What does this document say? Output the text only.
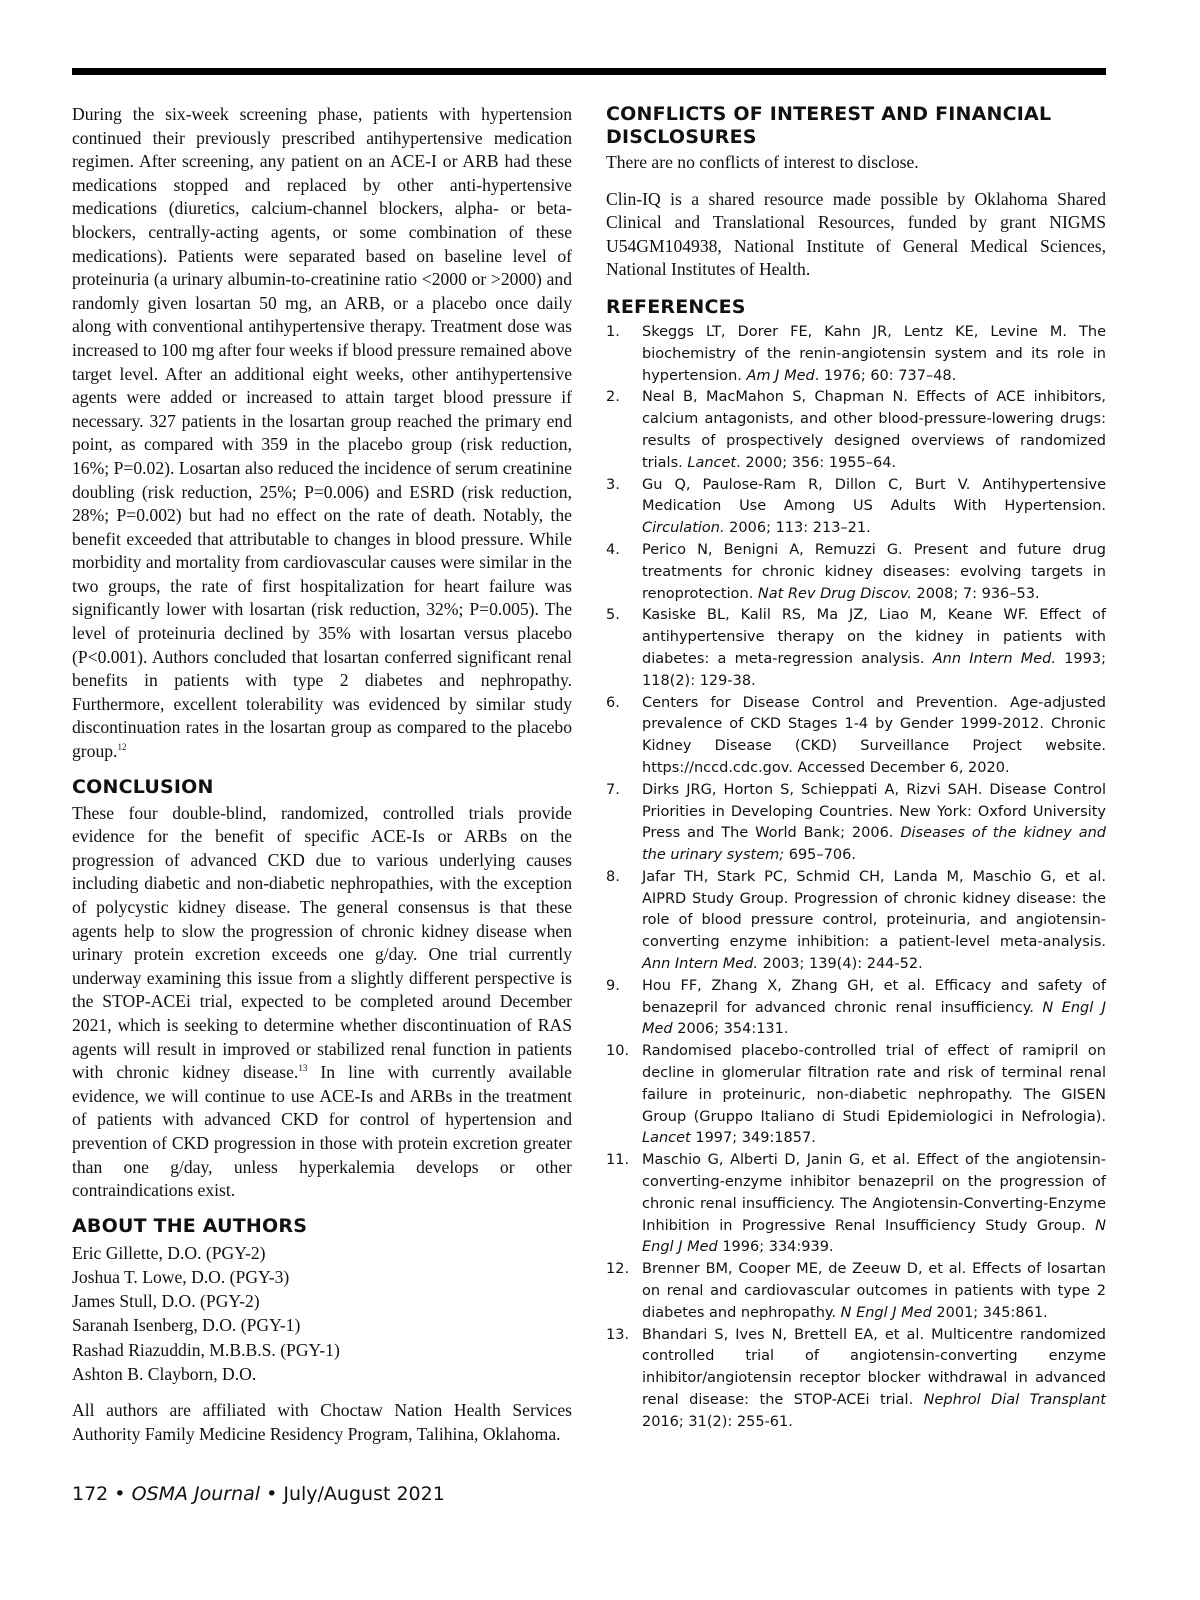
During the six-week screening phase, patients with hypertension continued their previously prescribed antihypertensive medication regimen. After screening, any patient on an ACE-I or ARB had these medications stopped and replaced by other anti-hypertensive medications (diuretics, calcium-channel blockers, alpha- or beta-blockers, centrally-acting agents, or some combination of these medications). Patients were separated based on baseline level of proteinuria (a urinary albumin-to-creatinine ratio <2000 or >2000) and randomly given losartan 50 mg, an ARB, or a placebo once daily along with conventional antihypertensive therapy. Treatment dose was increased to 100 mg after four weeks if blood pressure remained above target level. After an additional eight weeks, other antihypertensive agents were added or increased to attain target blood pressure if necessary. 327 patients in the losartan group reached the primary end point, as compared with 359 in the placebo group (risk reduction, 16%; P=0.02). Losartan also reduced the incidence of serum creatinine doubling (risk reduction, 25%; P=0.006) and ESRD (risk reduction, 28%; P=0.002) but had no effect on the rate of death. Notably, the benefit exceeded that attributable to changes in blood pressure. While morbidity and mortality from cardiovascular causes were similar in the two groups, the rate of first hospitalization for heart failure was significantly lower with losartan (risk reduction, 32%; P=0.005). The level of proteinuria declined by 35% with losartan versus placebo (P<0.001). Authors concluded that losartan conferred significant renal benefits in patients with type 2 diabetes and nephropathy. Furthermore, excellent tolerability was evidenced by similar study discontinuation rates in the losartan group as compared to the placebo group.$^{12}$

CONCLUSION

These four double-blind, randomized, controlled trials provide evidence for the benefit of specific ACE-Is or ARBs on the progression of advanced CKD due to various underlying causes including diabetic and non-diabetic nephropathies, with the exception of polycystic kidney disease. The general consensus is that these agents help to slow the progression of chronic kidney disease when urinary protein excretion exceeds one g/day. One trial currently underway examining this issue from a slightly different perspective is the STOP-ACEi trial, expected to be completed around December 2021, which is seeking to determine whether discontinuation of RAS agents will result in improved or stabilized renal function in patients with chronic kidney disease.$^{13}$ In line with currently available evidence, we will continue to use ACE-Is and ARBs in the treatment of patients with advanced CKD for control of hypertension and prevention of CKD progression in those with protein excretion greater than one g/day, unless hyperkalemia develops or other contraindications exist.

ABOUT THE AUTHORS
Eric Gillette, D.O. (PGY-2)
Joshua T. Lowe, D.O. (PGY-3)
James Stull, D.O. (PGY-2)
Saranah Isenberg, D.O. (PGY-1)
Rashad Riazuddin, M.B.B.S. (PGY-1)
Ashton B. Clayborn, D.O.

All authors are affiliated with Choctaw Nation Health Services Authority Family Medicine Residency Program, Talihina, Oklahoma.

CONFLICTS OF INTEREST AND FINANCIAL DISCLOSURES

There are no conflicts of interest to disclose.

Clin-IQ is a shared resource made possible by Oklahoma Shared Clinical and Translational Resources, funded by grant NIGMS U54GM104938, National Institute of General Medical Sciences, National Institutes of Health.

REFERENCES
1.	Skeggs LT, Dorer FE, Kahn JR, Lentz KE, Levine M. The biochemistry of the renin-angiotensin system and its role in hypertension. Am J Med. 1976; 60: 737–48.
2.	Neal B, MacMahon S, Chapman N. Effects of ACE inhibitors, calcium antagonists, and other blood-pressure-lowering drugs: results of prospectively designed overviews of randomized trials. Lancet. 2000; 356: 1955–64.
3.	Gu Q, Paulose-Ram R, Dillon C, Burt V. Antihypertensive Medication Use Among US Adults With Hypertension. Circulation. 2006; 113: 213–21.
4.	Perico N, Benigni A, Remuzzi G. Present and future drug treatments for chronic kidney diseases: evolving targets in renoprotection. Nat Rev Drug Discov. 2008; 7: 936–53.
5.	Kasiske BL, Kalil RS, Ma JZ, Liao M, Keane WF. Effect of antihypertensive therapy on the kidney in patients with diabetes: a meta-regression analysis. Ann Intern Med. 1993; 118(2): 129-38.
6.	Centers for Disease Control and Prevention. Age-adjusted prevalence of CKD Stages 1-4 by Gender 1999-2012. Chronic Kidney Disease (CKD) Surveillance Project website. https://nccd.cdc.gov. Accessed December 6, 2020.
7.	Dirks JRG, Horton S, Schieppati A, Rizvi SAH. Disease Control Priorities in Developing Countries. New York: Oxford University Press and The World Bank; 2006. Diseases of the kidney and the urinary system; 695–706.
8.	Jafar TH, Stark PC, Schmid CH, Landa M, Maschio G, et al. AIPRD Study Group. Progression of chronic kidney disease: the role of blood pressure control, proteinuria, and angiotensin-converting enzyme inhibition: a patient-level meta-analysis. Ann Intern Med. 2003; 139(4): 244-52.
9.	Hou FF, Zhang X, Zhang GH, et al. Efficacy and safety of benazepril for advanced chronic renal insufficiency. N Engl J Med 2006; 354:131.
10. Randomised placebo-controlled trial of effect of ramipril on decline in glomerular filtration rate and risk of terminal renal failure in proteinuric, non-diabetic nephropathy. The GISEN Group (Gruppo Italiano di Studi Epidemiologici in Nefrologia). Lancet 1997; 349:1857.
11. Maschio G, Alberti D, Janin G, et al. Effect of the angiotensin-converting-enzyme inhibitor benazepril on the progression of chronic renal insufficiency. The Angiotensin-Converting-Enzyme Inhibition in Progressive Renal Insufficiency Study Group. N Engl J Med 1996; 334:939.
12. Brenner BM, Cooper ME, de Zeeuw D, et al. Effects of losartan on renal and cardiovascular outcomes in patients with type 2 diabetes and nephropathy. N Engl J Med 2001; 345:861.
13. Bhandari S, Ives N, Brettell EA, et al. Multicentre randomized controlled trial of angiotensin-converting enzyme inhibitor/angiotensin receptor blocker withdrawal in advanced renal disease: the STOP-ACEi trial. Nephrol Dial Transplant 2016; 31(2): 255-61.
172 • OSMA Journal • July/August 2021
